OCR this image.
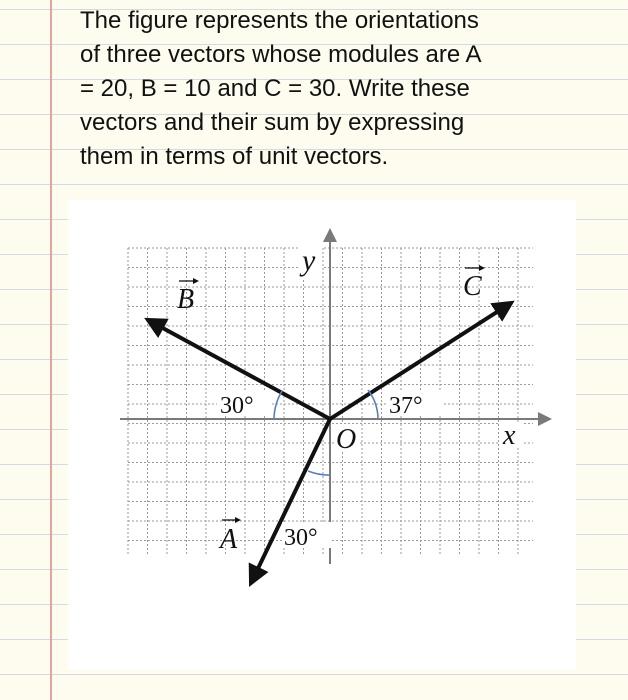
The figure represents the orientations
of three vectors whose modules are A
= 20, B = 10 and C = 30. Write these
vectors and their sum by expressing
them in terms of unit vectors.
B	C
A
30°	37°
30°
O	x
y
